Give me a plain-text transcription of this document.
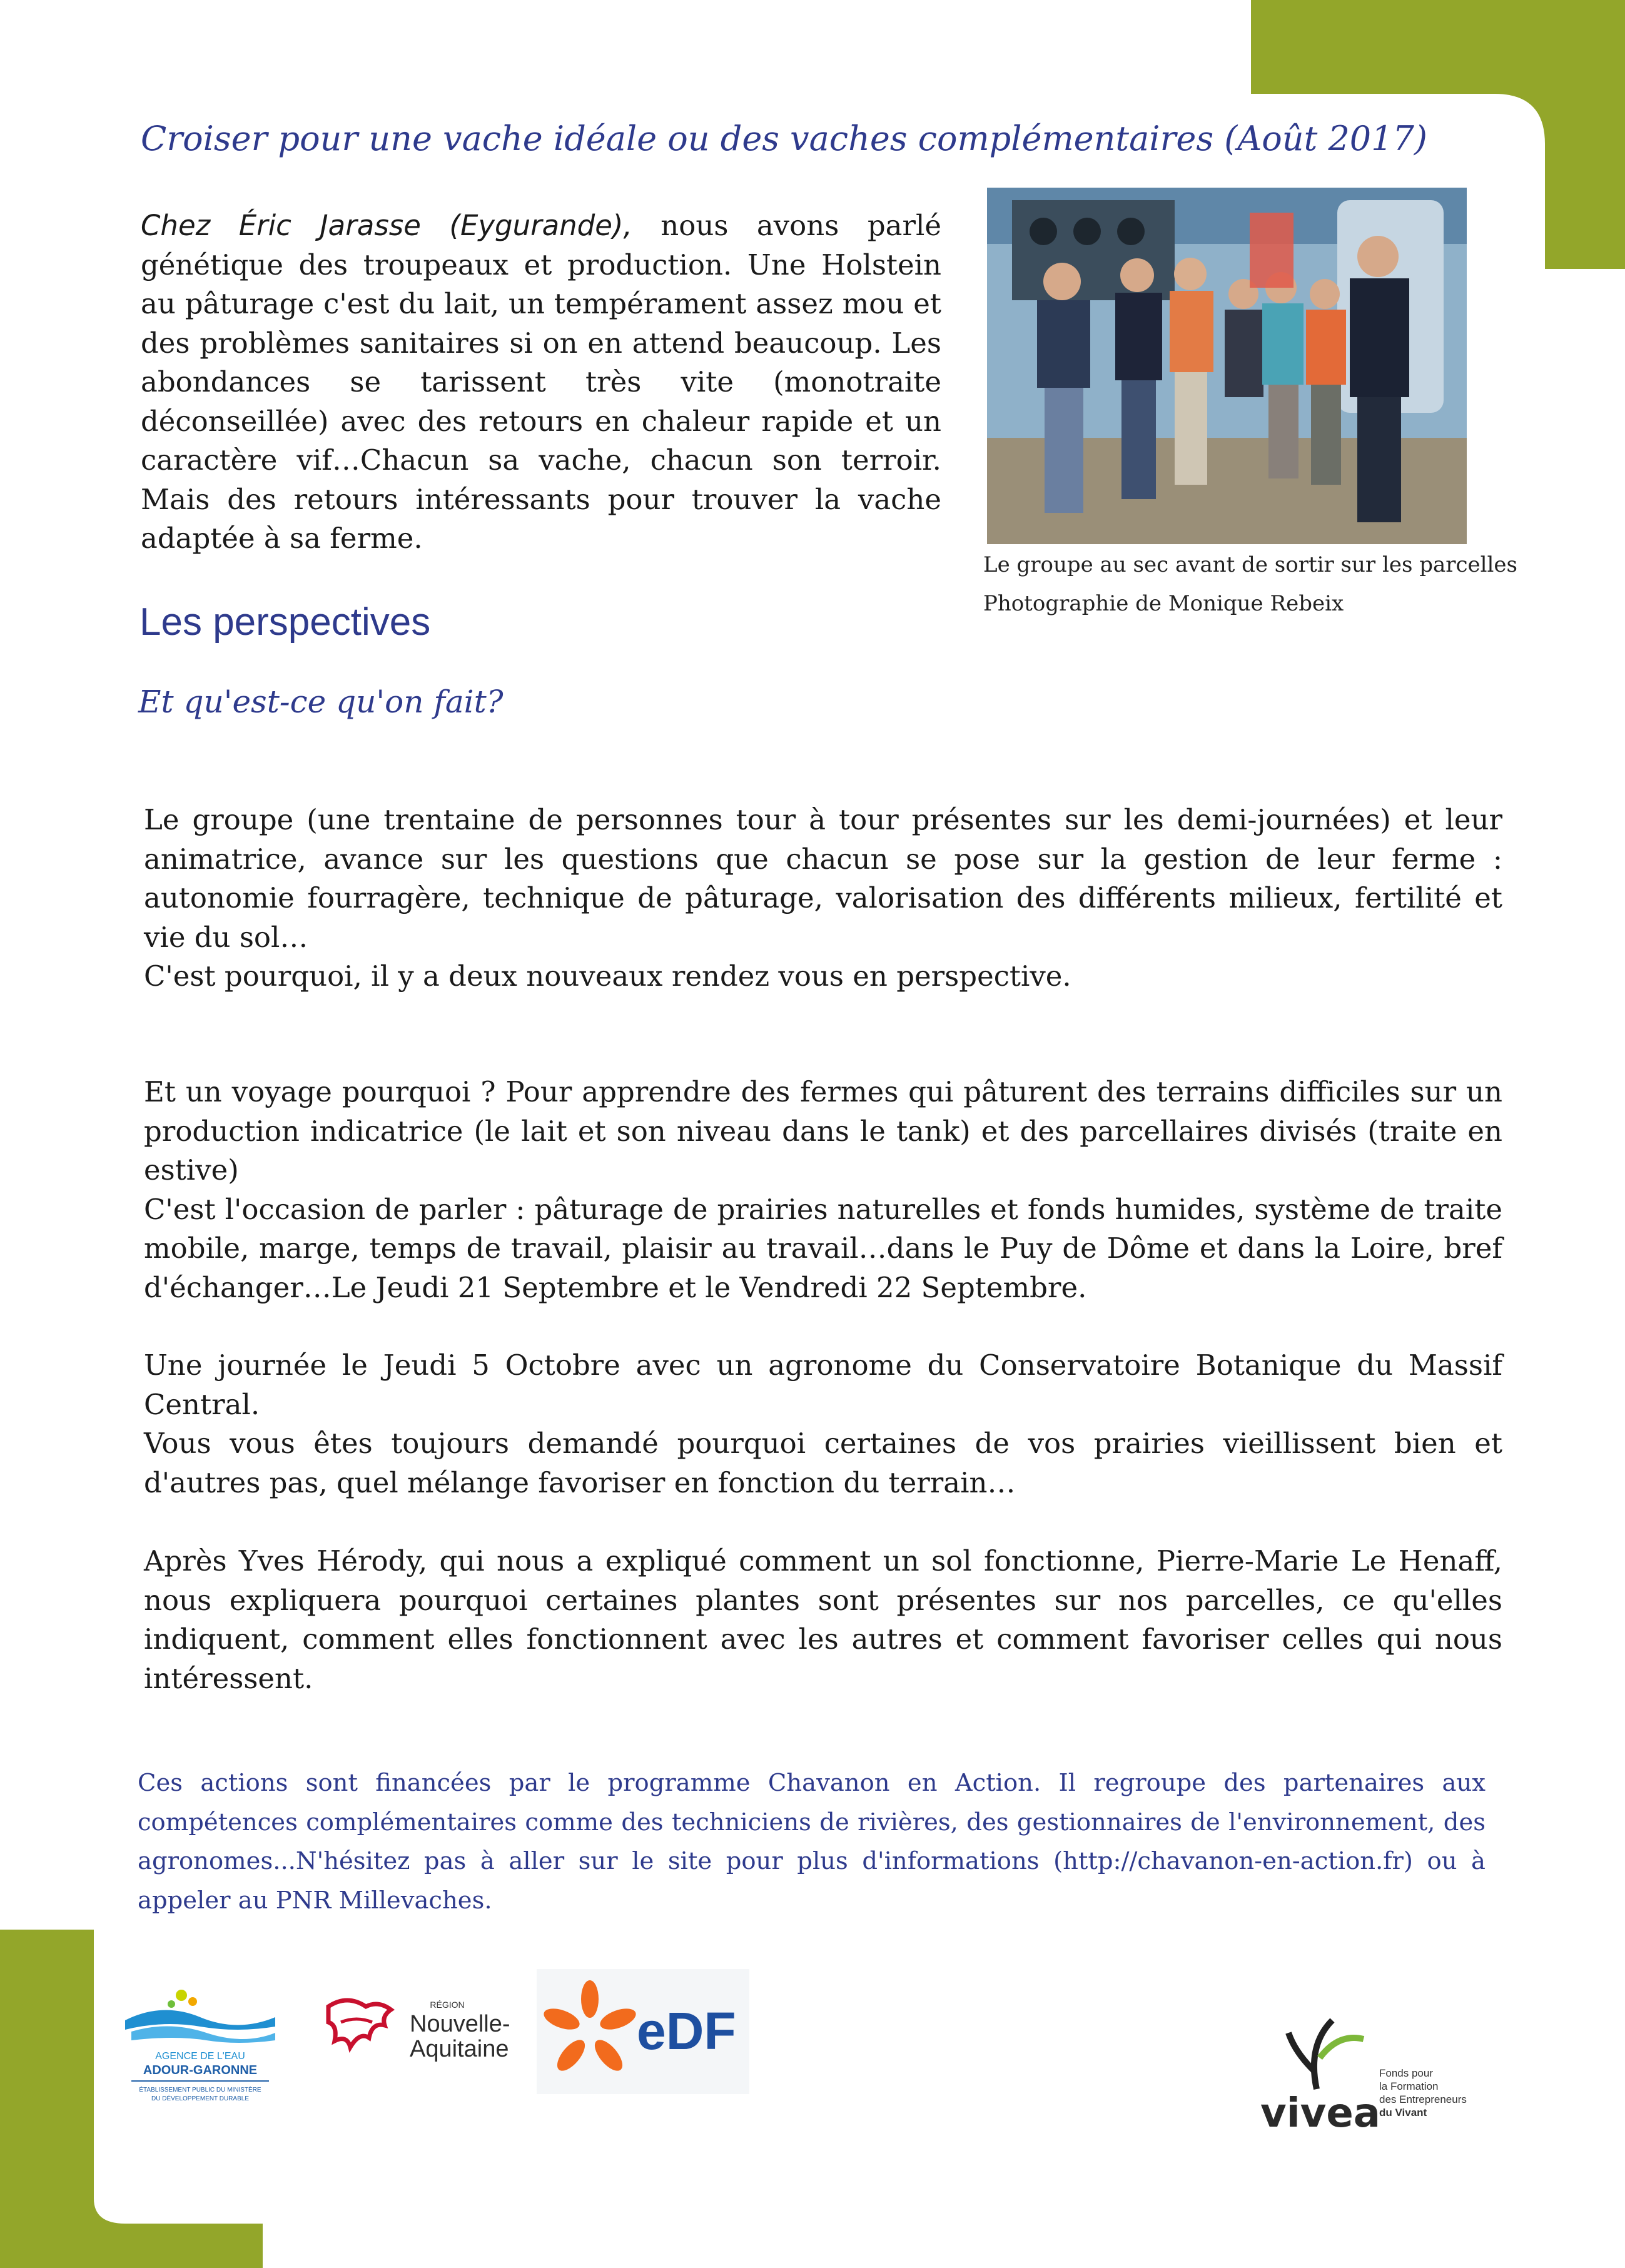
Croiser pour une vache idéale ou des vaches complémentaires (Août 2017)
Chez Éric Jarasse (Eygurande), nous avons parlé génétique des troupeaux et production. Une Holstein au pâturage c'est du lait, un tempérament assez mou et des problèmes sanitaires si on en attend beaucoup. Les abondances se tarissent très vite (monotraite déconseillée) avec des retours en chaleur rapide et un caractère vif…Chacun sa vache, chacun son terroir. Mais des retours intéressants pour trouver la vache adaptée à sa ferme.
Le groupe au sec avant de sortir sur les parcelles
Photographie de Monique Rebeix
Les perspectives
Et qu'est-ce qu'on fait?

Le groupe (une trentaine de personnes tour à tour présentes sur les demi-journées) et leur animatrice, avance sur les questions que chacun se pose sur la gestion de leur ferme : autonomie fourragère, technique de pâturage, valorisation des différents milieux, fertilité et vie du sol…

C'est pourquoi, il y a deux nouveaux rendez vous en perspective.

Et un voyage pourquoi ? Pour apprendre des fermes qui pâturent des terrains difficiles sur un production indicatrice (le lait et son niveau dans le tank) et des parcellaires divisés (traite en estive)

C'est l'occasion de parler : pâturage de prairies naturelles et fonds humides, système de traite mobile, marge, temps de travail, plaisir au travail…dans le Puy de Dôme et dans la Loire, bref d'échanger…Le Jeudi 21 Septembre et le Vendredi 22 Septembre.

Une journée le Jeudi 5 Octobre avec un agronome du Conservatoire Botanique du Massif Central.

Vous vous êtes toujours demandé pourquoi certaines de vos prairies vieillissent bien et d'autres pas, quel mélange favoriser en fonction du terrain…

Après Yves Hérody, qui nous a expliqué comment un sol fonctionne, Pierre-Marie Le Henaff, nous expliquera pourquoi certaines plantes sont présentes sur nos parcelles, ce qu'elles indiquent, comment elles fonctionnent avec les autres et comment favoriser celles qui nous intéressent.
Ces actions sont financées par le programme Chavanon en Action. Il regroupe des partenaires aux compétences complémentaires comme des techniciens de rivières, des gestionnaires de l'environnement, des agronomes...N'hésitez pas à aller sur le site pour plus d'informations (http://chavanon-en-action.fr) ou à appeler au PNR Millevaches.
AGENCE DE L'EAU
ADOUR-GARONNE
ÉTABLISSEMENT PUBLIC DU MINISTÈRE
DU DÉVELOPPEMENT DURABLE
RÉGION
Nouvelle-
Aquitaine eDF
vivea
Fonds pour
la Formation
des Entrepreneurs
du Vivant
